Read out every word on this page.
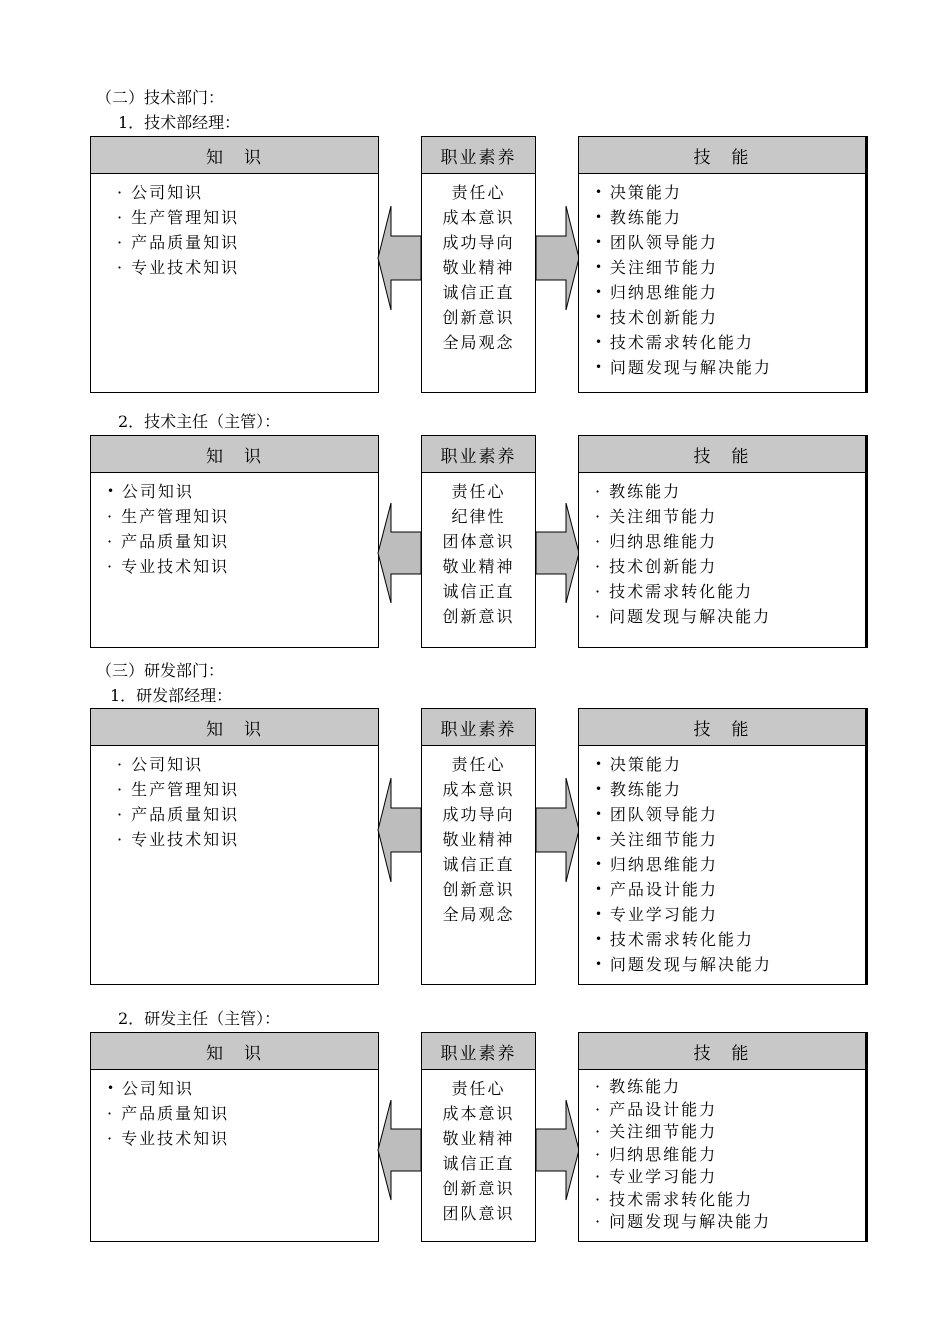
（二）技术部门：
1．技术部经理：
知　识
· 公司知识
· 生产管理知识
· 产品质量知识
· 专业技术知识
职业素养
责任心
成本意识
成功导向
敬业精神
诚信正直
创新意识
全局观念
技　能
• 决策能力
• 教练能力
• 团队领导能力
• 关注细节能力
• 归纳思维能力
• 技术创新能力
• 技术需求转化能力
• 问题发现与解决能力
2．技术主任（主管）：
知　识
• 公司知识
· 生产管理知识
· 产品质量知识
· 专业技术知识
职业素养
责任心
纪律性
团体意识
敬业精神
诚信正直
创新意识
技　能
· 教练能力
· 关注细节能力
· 归纳思维能力
· 技术创新能力
· 技术需求转化能力
· 问题发现与解决能力
（三）研发部门：
1．研发部经理：
知　识
· 公司知识
· 生产管理知识
· 产品质量知识
· 专业技术知识
职业素养
责任心
成本意识
成功导向
敬业精神
诚信正直
创新意识
全局观念
技　能
• 决策能力
• 教练能力
• 团队领导能力
• 关注细节能力
• 归纳思维能力
• 产品设计能力
• 专业学习能力
• 技术需求转化能力
• 问题发现与解决能力
2．研发主任（主管）：
知　识
• 公司知识
· 产品质量知识
· 专业技术知识
职业素养
责任心
成本意识
敬业精神
诚信正直
创新意识
团队意识
技　能
· 教练能力
· 产品设计能力
· 关注细节能力
· 归纳思维能力
· 专业学习能力
· 技术需求转化能力
· 问题发现与解决能力
